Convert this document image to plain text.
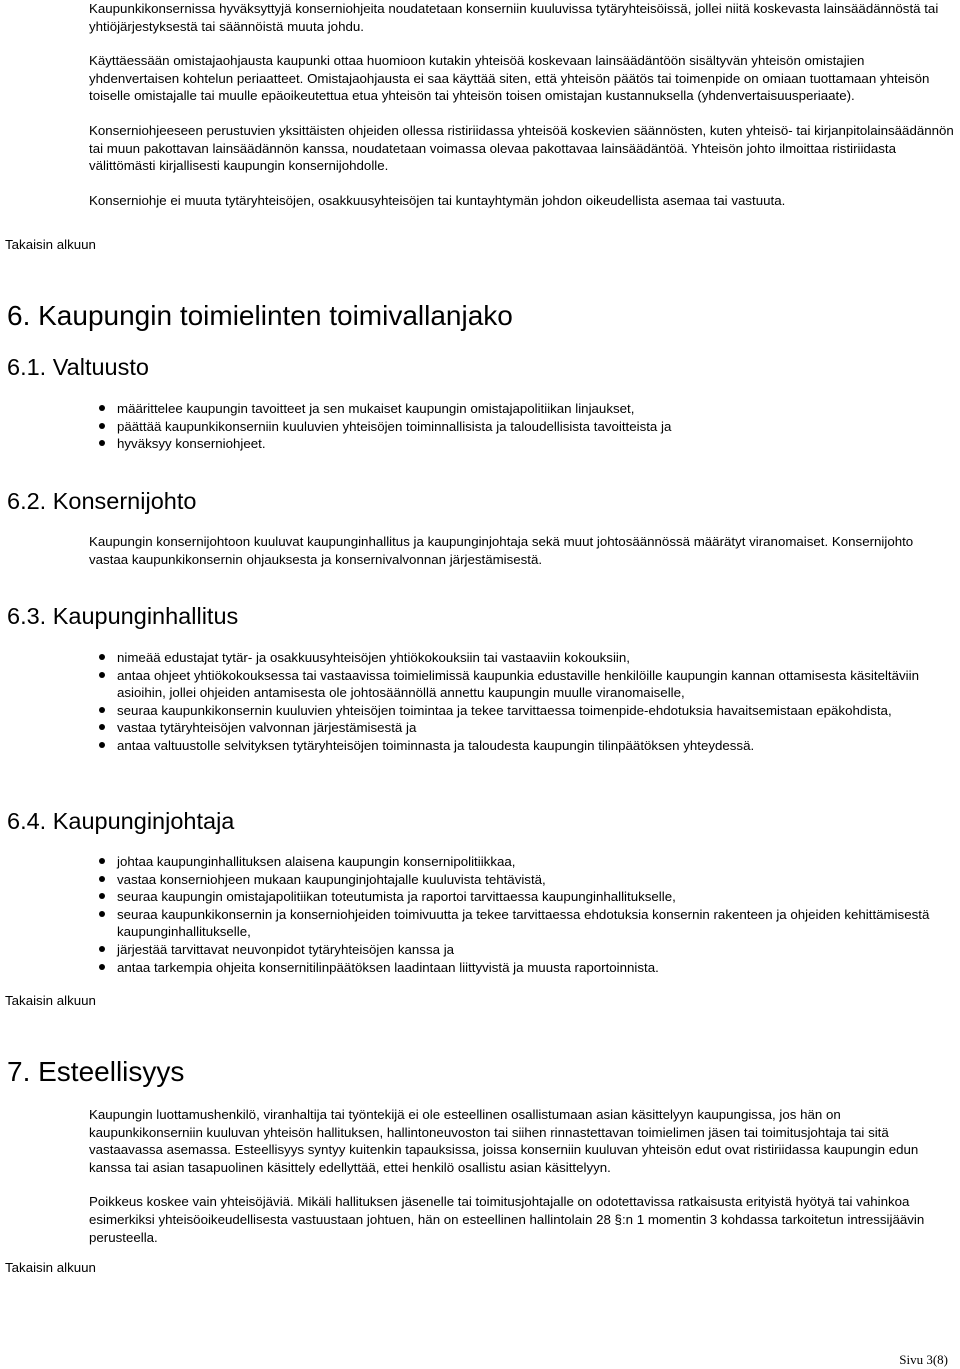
Kaupunkikonsernissa hyväksyttyjä konserniohjeita noudatetaan konserniin kuuluvissa tytäryhteisöissä, jollei niitä koskevasta lainsäädännöstä tai yhtiöjärjestyksestä tai säännöistä muuta johdu.

Käyttäessään omistajaohjausta kaupunki ottaa huomioon kutakin yhteisöä koskevaan lainsäädäntöön sisältyvän yhteisön omistajien yhdenvertaisen kohtelun periaatteet. Omistajaohjausta ei saa käyttää siten, että yhteisön päätös tai toimenpide on omiaan tuottamaan yhteisön toiselle omistajalle tai muulle epäoikeutettua etua yhteisön tai yhteisön toisen omistajan kustannuksella (yhdenvertaisuusperiaate).

Konserniohjeeseen perustuvien yksittäisten ohjeiden ollessa ristiriidassa yhteisöä koskevien säännösten, kuten yhteisö- tai kirjanpitolainsäädännön tai muun pakottavan lainsäädännön kanssa, noudatetaan voimassa olevaa pakottavaa lainsäädäntöä. Yhteisön johto ilmoittaa ristiriidasta välittömästi kirjallisesti kaupungin konsernijohdolle.

Konserniohje ei muuta tytäryhteisöjen, osakkuusyhteisöjen tai kuntayhtymän johdon oikeudellista asemaa tai vastuuta.

Takaisin alkuun
6. Kaupungin toimielinten toimivallanjako
6.1. Valtuusto
määrittelee kaupungin tavoitteet ja sen mukaiset kaupungin omistajapolitiikan linjaukset,
päättää kaupunkikonserniin kuuluvien yhteisöjen toiminnallisista ja taloudellisista tavoitteista ja
hyväksyy konserniohjeet.
6.2. Konsernijohto
Kaupungin konsernijohtoon kuuluvat kaupunginhallitus ja kaupunginjohtaja sekä muut johtosäännössä määrätyt viranomaiset. Konsernijohto vastaa kaupunkikonsernin ohjauksesta ja konsernivalvonnan järjestämisestä.
6.3. Kaupunginhallitus
nimeää edustajat tytär- ja osakkuusyhteisöjen yhtiökokouksiin tai vastaaviin kokouksiin,
antaa ohjeet yhtiökokouksessa tai vastaavissa toimielimissä kaupunkia edustaville henkilöille kaupungin kannan ottamisesta käsiteltäviin asioihin, jollei ohjeiden antamisesta ole johtosäännöllä annettu kaupungin muulle viranomaiselle,
seuraa kaupunkikonsernin kuuluvien yhteisöjen toimintaa ja tekee tarvittaessa toimenpide-ehdotuksia havaitsemistaan epäkohdista,
vastaa tytäryhteisöjen valvonnan järjestämisestä ja
antaa valtuustolle selvityksen tytäryhteisöjen toiminnasta ja taloudesta kaupungin tilinpäätöksen yhteydessä.
6.4. Kaupunginjohtaja
johtaa kaupunginhallituksen alaisena kaupungin konsernipolitiikkaa,
vastaa konserniohjeen mukaan kaupunginjohtajalle kuuluvista tehtävistä,
seuraa kaupungin omistajapolitiikan toteutumista ja raportoi tarvittaessa kaupunginhallitukselle,
seuraa kaupunkikonsernin ja konserniohjeiden toimivuutta ja tekee tarvittaessa ehdotuksia konsernin rakenteen ja ohjeiden kehittämisestä kaupunginhallitukselle,
järjestää tarvittavat neuvonpidot tytäryhteisöjen kanssa ja
antaa tarkempia ohjeita konsernitilinpäätöksen laadintaan liittyvistä ja muusta raportoinnista.
Takaisin alkuun
7. Esteellisyys

Kaupungin luottamushenkilö, viranhaltija tai työntekijä ei ole esteellinen osallistumaan asian käsittelyyn kaupungissa, jos hän on kaupunkikonserniin kuuluvan yhteisön hallituksen, hallintoneuvoston tai siihen rinnastettavan toimielimen jäsen tai toimitusjohtaja tai sitä vastaavassa asemassa. Esteellisyys syntyy kuitenkin tapauksissa, joissa konserniin kuuluvan yhteisön edut ovat ristiriidassa kaupungin edun kanssa tai asian tasapuolinen käsittely edellyttää, ettei henkilö osallistu asian käsittelyyn.

Poikkeus koskee vain yhteisöjäviä. Mikäli hallituksen jäsenelle tai toimitusjohtajalle on odotettavissa ratkaisusta erityistä hyötyä tai vahinkoa esimerkiksi yhteisöoikeudellisesta vastuustaan johtuen, hän on esteellinen hallintolain 28 §:n 1 momentin 3 kohdassa tarkoitetun intressijäävin perusteella.

Takaisin alkuun
Sivu 3(8)
